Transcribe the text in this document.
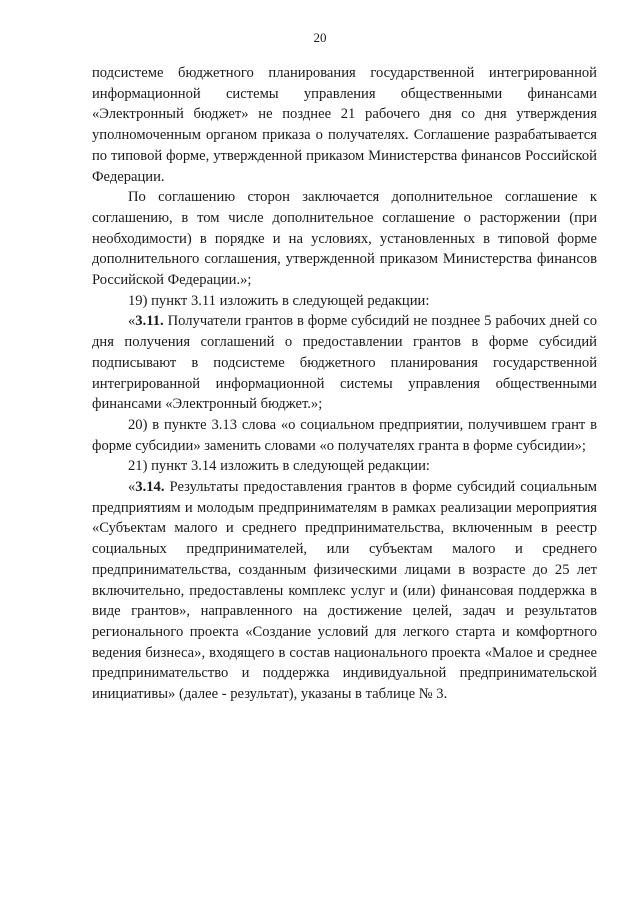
20

подсистеме бюджетного планирования государственной интегрированной информационной системы управления общественными финансами «Электронный бюджет» не позднее 21 рабочего дня со дня утверждения уполномоченным органом приказа о получателях. Соглашение разрабатывается по типовой форме, утвержденной приказом Министерства финансов Российской Федерации.

По соглашению сторон заключается дополнительное соглашение к соглашению, в том числе дополнительное соглашение о расторжении (при необходимости) в порядке и на условиях, установленных в типовой форме дополнительного соглашения, утвержденной приказом Министерства финансов Российской Федерации.»;

19) пункт 3.11 изложить в следующей редакции:

«3.11. Получатели грантов в форме субсидий не позднее 5 рабочих дней со дня получения соглашений о предоставлении грантов в форме субсидий подписывают в подсистеме бюджетного планирования государственной интегрированной информационной системы управления общественными финансами «Электронный бюджет.»;

20) в пункте 3.13 слова «о социальном предприятии, получившем грант в форме субсидии» заменить словами «о получателях гранта в форме субсидии»;

21) пункт 3.14 изложить в следующей редакции:

«3.14. Результаты предоставления грантов в форме субсидий социальным предприятиям и молодым предпринимателям в рамках реализации мероприятия «Субъектам малого и среднего предпринимательства, включенным в реестр социальных предпринимателей, или субъектам малого и среднего предпринимательства, созданным физическими лицами в возрасте до 25 лет включительно, предоставлены комплекс услуг и (или) финансовая поддержка в виде грантов», направленного на достижение целей, задач и результатов регионального проекта «Создание условий для легкого старта и комфортного ведения бизнеса», входящего в состав национального проекта «Малое и среднее предпринимательство и поддержка индивидуальной предпринимательской инициативы» (далее - результат), указаны в таблице № 3.
